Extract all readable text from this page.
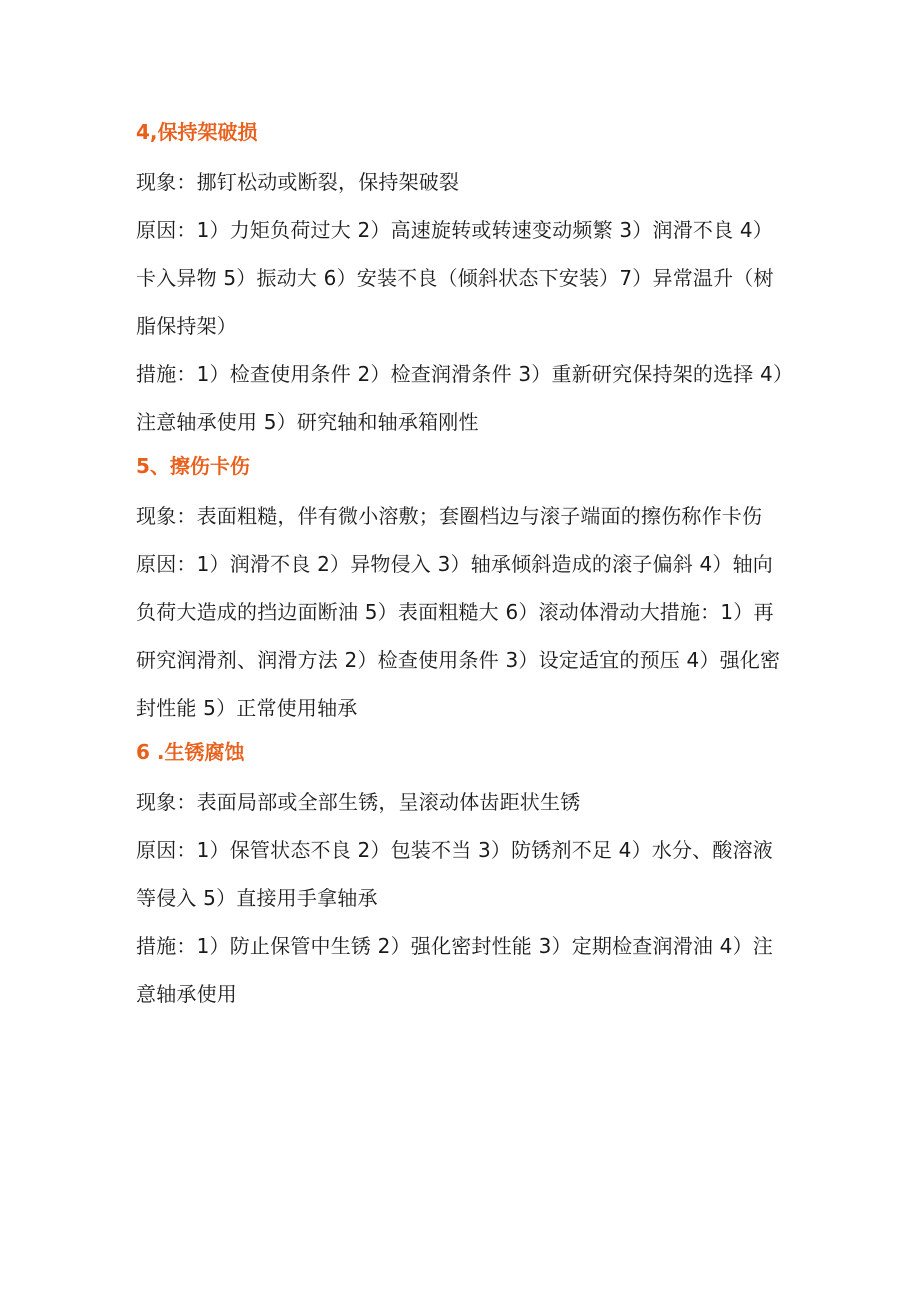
4,保持架破损

现象：挪钉松动或断裂，保持架破裂

原因：1）力矩负荷过大 2）高速旋转或转速变动频繁 3）润滑不良 4）卡入异物 5）振动大 6）安装不良（倾斜状态下安装）7）异常温升（树脂保持架）

措施：1）检查使用条件 2）检查润滑条件 3）重新研究保持架的选择 4）注意轴承使用 5）研究轴和轴承箱刚性

5、擦伤卡伤

现象：表面粗糙，伴有微小溶敷；套圈档边与滚子端面的擦伤称作卡伤

原因：1）润滑不良 2）异物侵入 3）轴承倾斜造成的滚子偏斜 4）轴向负荷大造成的挡边面断油 5）表面粗糙大 6）滚动体滑动大措施：1）再研究润滑剂、润滑方法 2）检查使用条件 3）设定适宜的预压 4）强化密封性能 5）正常使用轴承

6 .生锈腐蚀

现象：表面局部或全部生锈，呈滚动体齿距状生锈

原因：1）保管状态不良 2）包装不当 3）防锈剂不足 4）水分、酸溶液等侵入 5）直接用手拿轴承

措施：1）防止保管中生锈 2）强化密封性能 3）定期检查润滑油 4）注意轴承使用
